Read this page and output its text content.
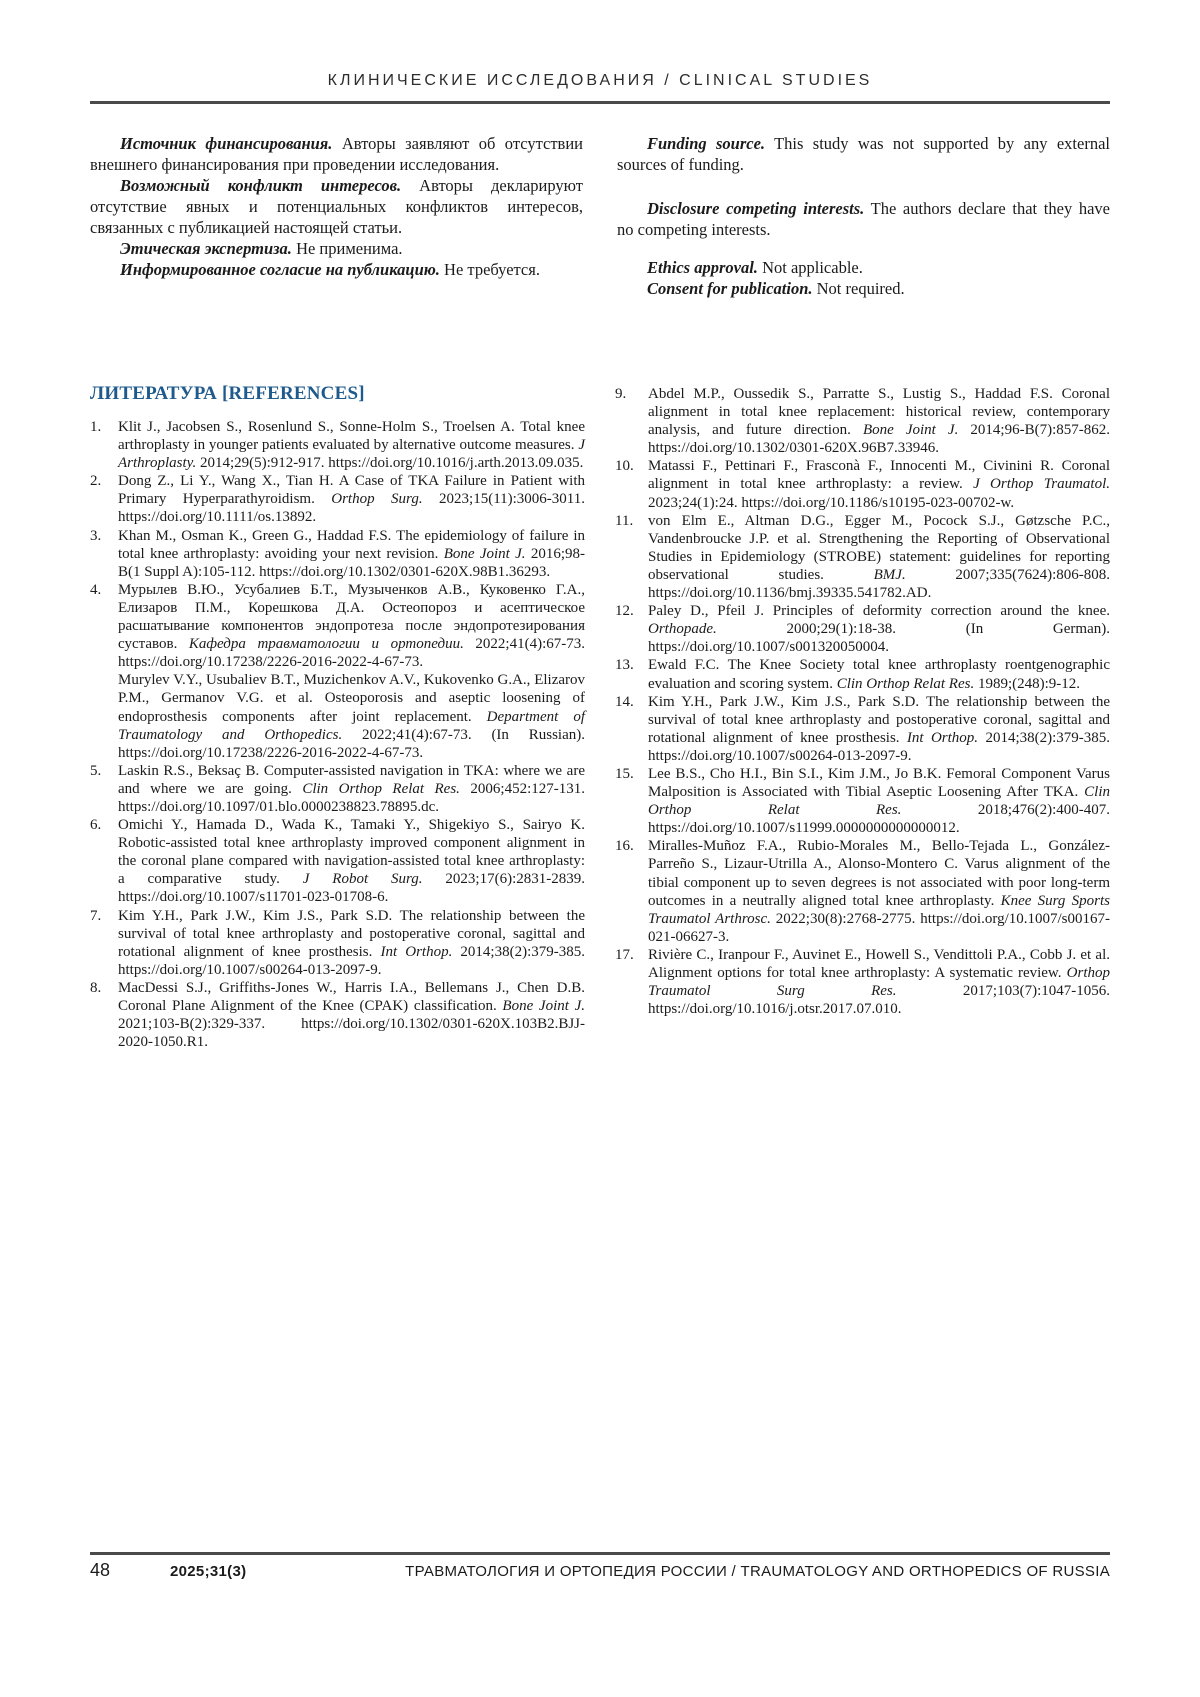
КЛИНИЧЕСКИЕ ИССЛЕДОВАНИЯ / CLINICAL STUDIES

Источник финансирования. Авторы заявляют об отсутствии внешнего финансирования при проведении исследования.

Возможный конфликт интересов. Авторы декларируют отсутствие явных и потенциальных конфликтов интересов, связанных с публикацией настоящей статьи.

Этическая экспертиза. Не применима.

Информированное согласие на публикацию. Не требуется.

Funding source. This study was not supported by any external sources of funding.

Disclosure competing interests. The authors declare that they have no competing interests.

Ethics approval. Not applicable.

Consent for publication. Not required.

ЛИТЕРАТУРА [REFERENCES]
1.	Klit J., Jacobsen S., Rosenlund S., Sonne-Holm S., Troelsen A. Total knee arthroplasty in younger patients evaluated by alternative outcome measures. J Arthroplasty. 2014;29(5):912-917. https://doi.org/10.1016/j.arth.2013.09.035.
2.	Dong Z., Li Y., Wang X., Tian H. A Case of TKA Failure in Patient with Primary Hyperparathyroidism. Orthop Surg. 2023;15(11):3006-3011. https://doi.org/10.1111/os.13892.
3.	Khan M., Osman K., Green G., Haddad F.S. The epidemiology of failure in total knee arthroplasty: avoiding your next revision. Bone Joint J. 2016;98-B(1 Suppl A):105-112. https://doi.org/10.1302/0301-620X.98B1.36293.
4.	Мурылев В.Ю., Усубалиев Б.Т., Музыченков А.В., Куковенко Г.А., Елизаров П.М., Корешкова Д.А. Остеопороз и асептическое расшатывание компонентов эндопротеза после эндопротезирования суставов. Кафедра травматологии и ортопедии. 2022;41(4):67-73. https://doi.org/10.17238/2226-2016-2022-4-67-73.
Murylev V.Y., Usubaliev B.T., Muzichenkov A.V., Kukovenko G.A., Elizarov P.M., Germanov V.G. et al. Osteoporosis and aseptic loosening of endoprosthesis components after joint replacement. Department of Traumatology and Orthopedics. 2022;41(4):67-73. (In Russian). https://doi.org/10.17238/2226-2016-2022-4-67-73.
5.	Laskin R.S., Beksaç B. Computer-assisted navigation in TKA: where we are and where we are going. Clin Orthop Relat Res. 2006;452:127-131. https://doi.org/10.1097/01.blo.0000238823.78895.dc.
6.	Omichi Y., Hamada D., Wada K., Tamaki Y., Shigekiyo S., Sairyo K. Robotic-assisted total knee arthroplasty improved component alignment in the coronal plane compared with navigation-assisted total knee arthroplasty: a comparative study. J Robot Surg. 2023;17(6):2831-2839. https://doi.org/10.1007/s11701-023-01708-6.
7.	Kim Y.H., Park J.W., Kim J.S., Park S.D. The relationship between the survival of total knee arthroplasty and postoperative coronal, sagittal and rotational alignment of knee prosthesis. Int Orthop. 2014;38(2):379-385. https://doi.org/10.1007/s00264-013-2097-9.
8.	MacDessi S.J., Griffiths-Jones W., Harris I.A., Bellemans J., Chen D.B. Coronal Plane Alignment of the Knee (CPAK) classification. Bone Joint J. 2021;103-B(2):329-337. https://doi.org/10.1302/0301-620X.103B2.BJJ-2020-1050.R1.
9.	Abdel M.P., Oussedik S., Parratte S., Lustig S., Haddad F.S. Coronal alignment in total knee replacement: historical review, contemporary analysis, and future direction. Bone Joint J. 2014;96-B(7):857-862. https://doi.org/10.1302/0301-620X.96B7.33946.
10. Matassi F., Pettinari F., Frasconà F., Innocenti M., Civinini R. Coronal alignment in total knee arthroplasty: a review. J Orthop Traumatol. 2023;24(1):24. https://doi.org/10.1186/s10195-023-00702-w.
11. von Elm E., Altman D.G., Egger M., Pocock S.J., Gøtzsche P.C., Vandenbroucke J.P. et al. Strengthening the Reporting of Observational Studies in Epidemiology (STROBE) statement: guidelines for reporting observational studies. BMJ. 2007;335(7624):806-808. https://doi.org/10.1136/bmj.39335.541782.AD.
12. Paley D., Pfeil J. Principles of deformity correction around the knee. Orthopade. 2000;29(1):18-38. (In German). https://doi.org/10.1007/s001320050004.
13. Ewald F.C. The Knee Society total knee arthroplasty roentgenographic evaluation and scoring system. Clin Orthop Relat Res. 1989;(248):9-12.
14. Kim Y.H., Park J.W., Kim J.S., Park S.D. The relationship between the survival of total knee arthroplasty and postoperative coronal, sagittal and rotational alignment of knee prosthesis. Int Orthop. 2014;38(2):379-385. https://doi.org/10.1007/s00264-013-2097-9.
15. Lee B.S., Cho H.I., Bin S.I., Kim J.M., Jo B.K. Femoral Component Varus Malposition is Associated with Tibial Aseptic Loosening After TKA. Clin Orthop Relat Res. 2018;476(2):400-407. https://doi.org/10.1007/s11999.0000000000000012.
16. Miralles-Muñoz F.A., Rubio-Morales M., Bello-Tejada L., González-Parreño S., Lizaur-Utrilla A., Alonso-Montero C. Varus alignment of the tibial component up to seven degrees is not associated with poor long-term outcomes in a neutrally aligned total knee arthroplasty. Knee Surg Sports Traumatol Arthrosc. 2022;30(8):2768-2775. https://doi.org/10.1007/s00167-021-06627-3.
17. Rivière C., Iranpour F., Auvinet E., Howell S., Vendittoli P.A., Cobb J. et al. Alignment options for total knee arthroplasty: A systematic review. Orthop Traumatol Surg Res. 2017;103(7):1047-1056. https://doi.org/10.1016/j.otsr.2017.07.010.
48	2025;31(3)	ТРАВМАТОЛОГИЯ И ОРТОПЕДИЯ РОССИИ / TRAUMATOLOGY AND ORTHOPEDICS OF RUSSIA
